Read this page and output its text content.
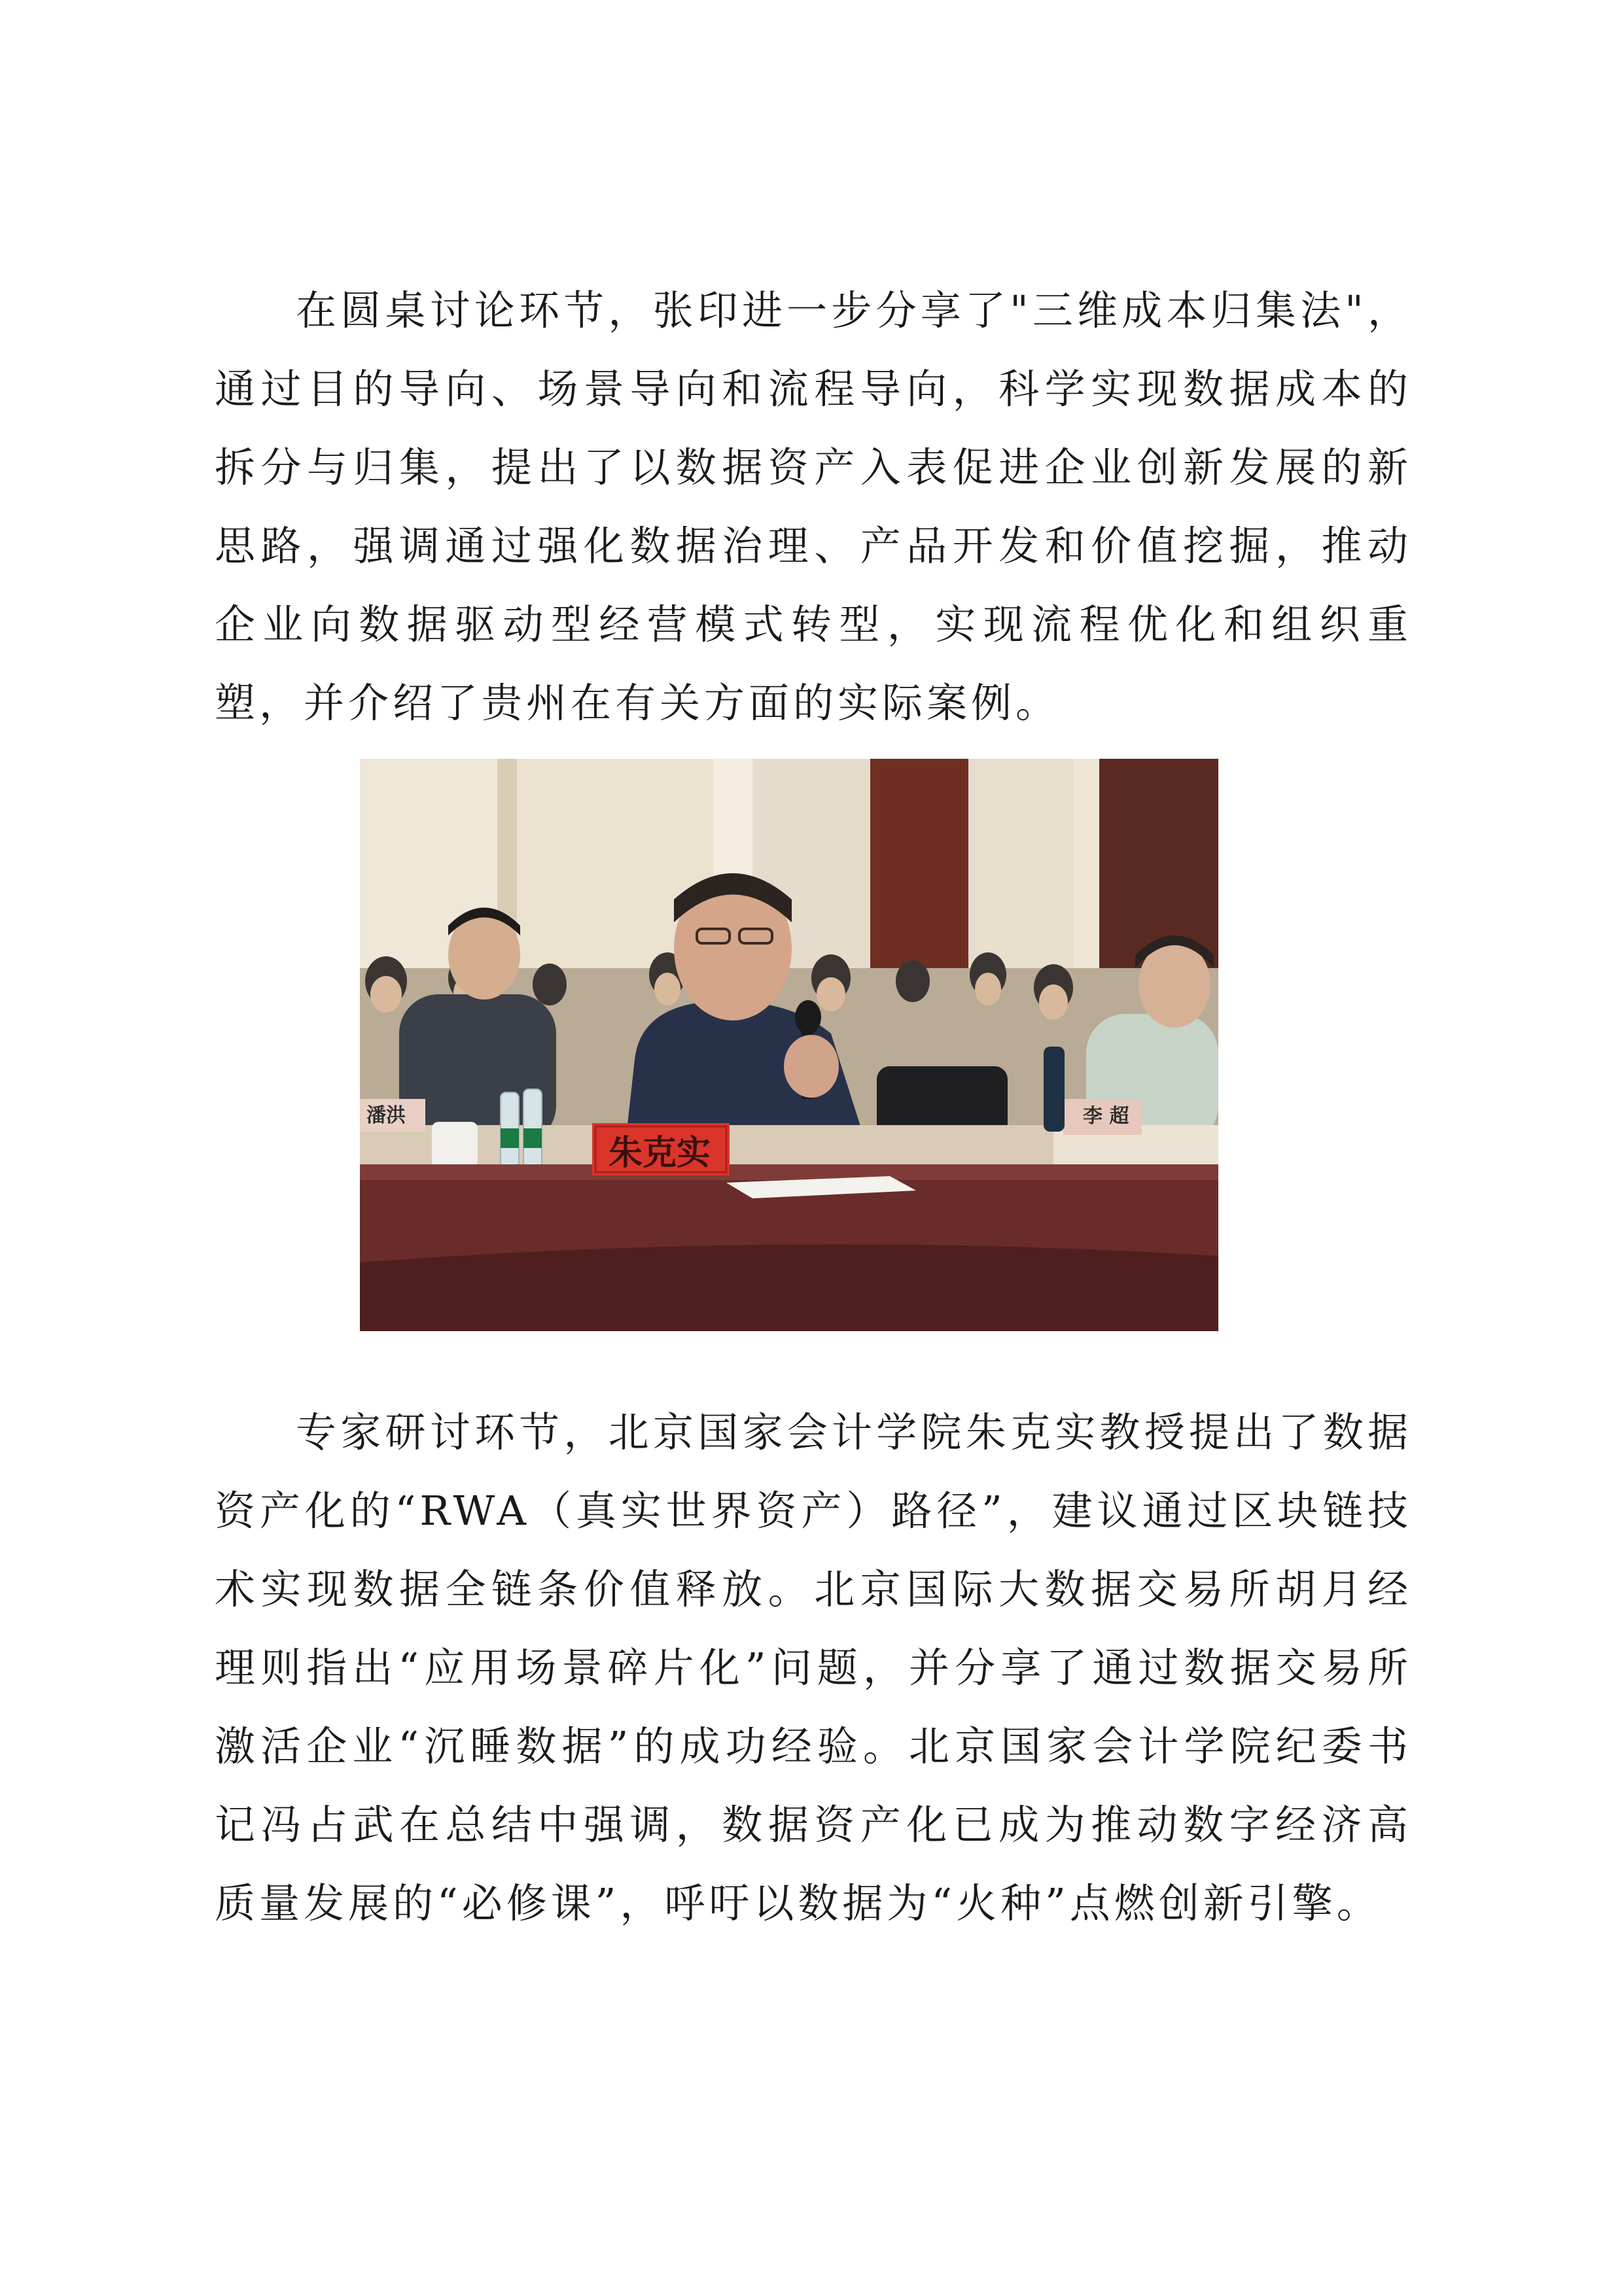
在圆桌讨论环节，张印进一步分享了"三维成本归集法"，通过目的导向、场景导向和流程导向，科学实现数据成本的拆分与归集，提出了以数据资产入表促进企业创新发展的新思路，强调通过强化数据治理、产品开发和价值挖掘，推动企业向数据驱动型经营模式转型，实现流程优化和组织重塑，并介绍了贵州在有关方面的实际案例。

潘洪	李 超
朱克实

专家研讨环节，北京国家会计学院朱克实教授提出了数据资产化的“RWA（真实世界资产）路径”，建议通过区块链技术实现数据全链条价值释放。北京国际大数据交易所胡月经理则指出“应用场景碎片化”问题，并分享了通过数据交易所激活企业“沉睡数据”的成功经验。北京国家会计学院纪委书记冯占武在总结中强调，数据资产化已成为推动数字经济高质量发展的“必修课”，呼吁以数据为“火种”点燃创新引擎。
